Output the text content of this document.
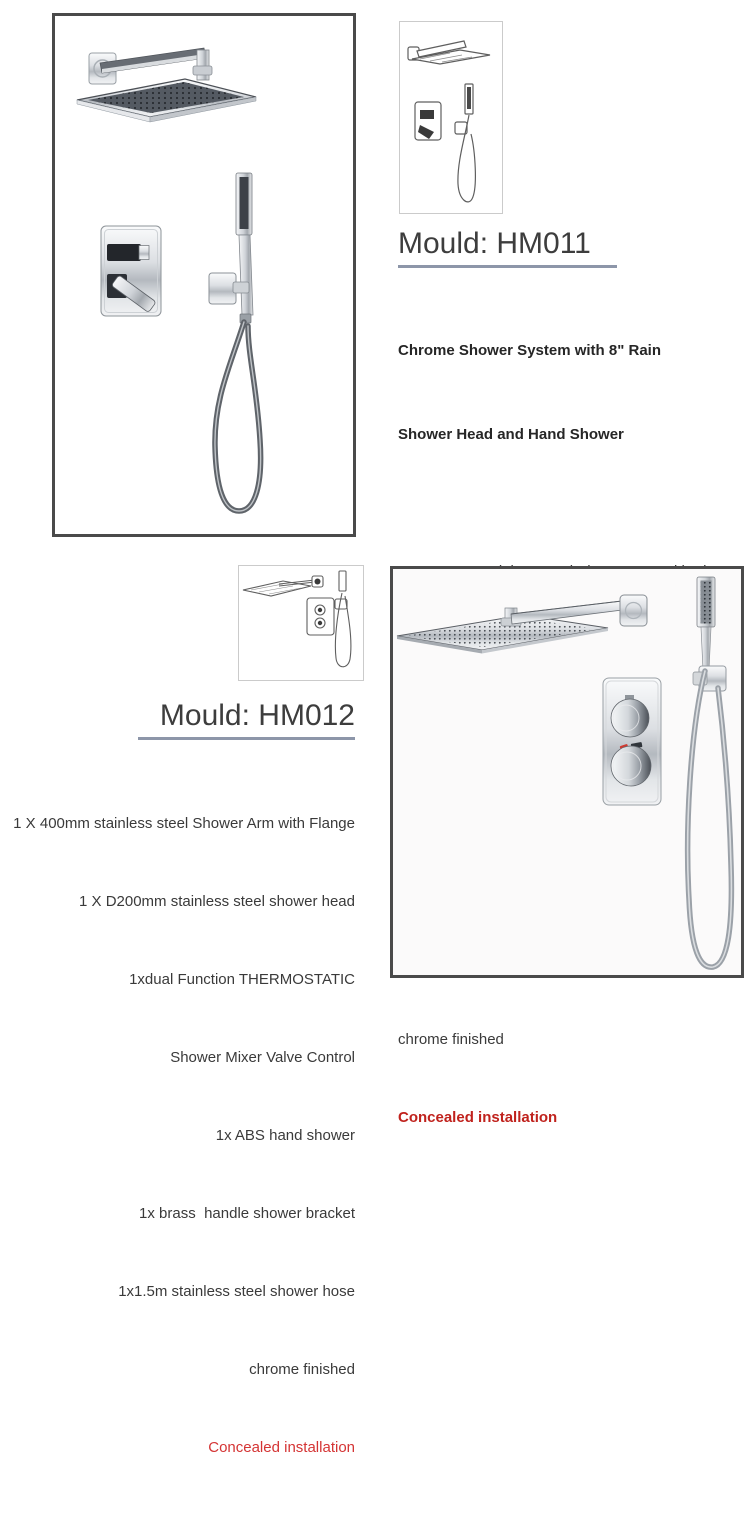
Mould: HM011

Chrome Shower System with 8" Rain

Shower Head and Hand Shower

chrome finished

Concealed installation

Mould: HM012

1 X 400mm stainless steel Shower Arm with Flange

1 X D200mm stainless steel shower head

1xdual Function THERMOSTATIC

Shower Mixer Valve Control

1x ABS hand shower

1x brass  handle shower bracket

1x1.5m stainless steel shower hose

chrome finished

Concealed installation
